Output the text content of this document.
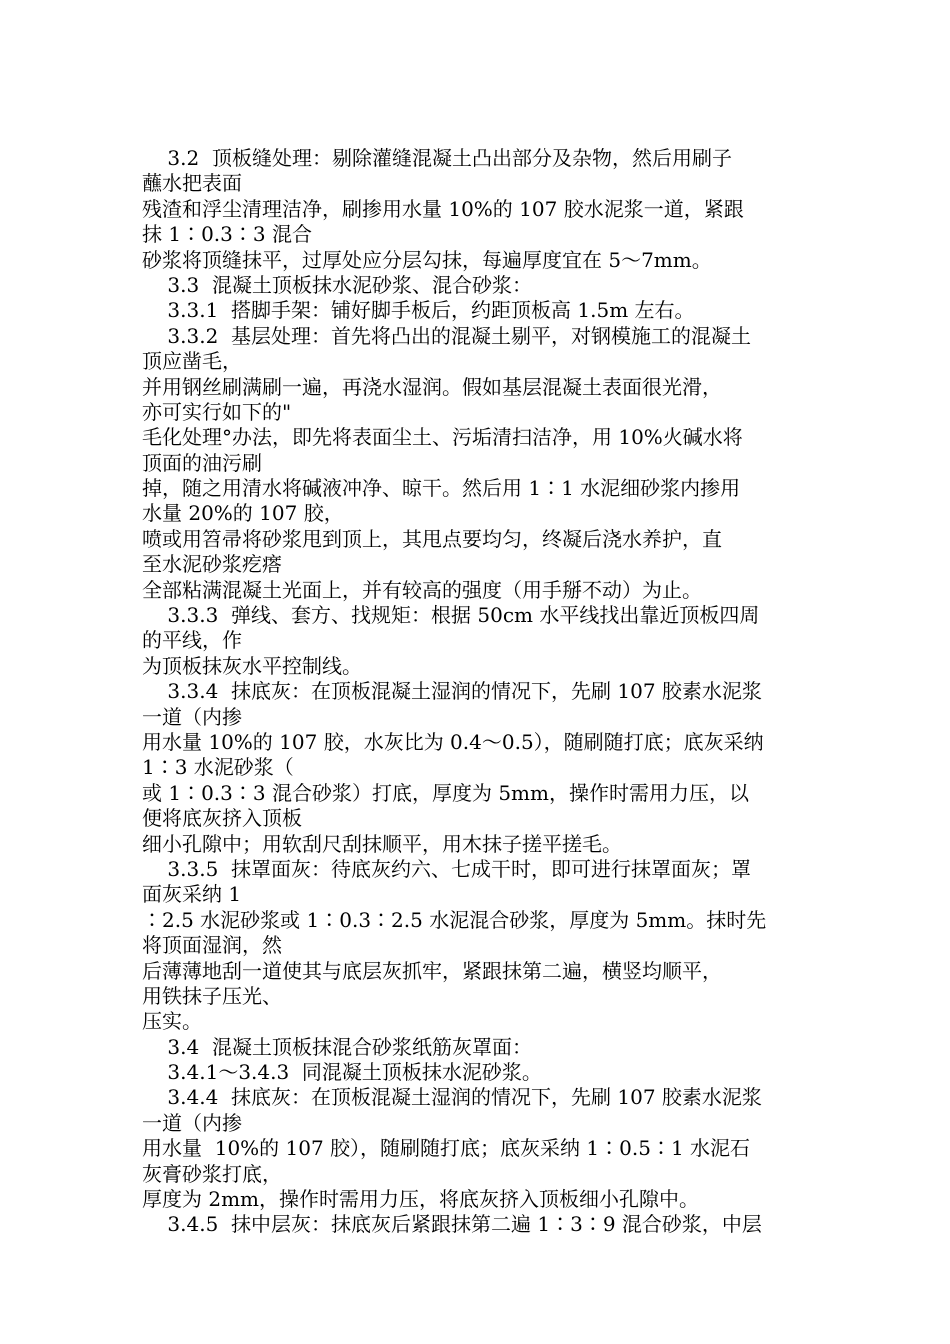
3.2  顶板缝处理：剔除灌缝混凝土凸出部分及杂物，然后用刷子
蘸水把表面
残渣和浮尘清理洁净，刷掺用水量 10%的 107 胶水泥浆一道，紧跟
抹 1∶0.3∶3 混合
砂浆将顶缝抹平，过厚处应分层勾抹，每遍厚度宜在 5～7mm。
3.3  混凝土顶板抹水泥砂浆、混合砂浆：
3.3.1  搭脚手架：铺好脚手板后，约距顶板高 1.5m 左右。
3.3.2  基层处理：首先将凸出的混凝土剔平，对钢模施工的混凝土
顶应凿毛，
并用钢丝刷满刷一遍，再浇水湿润。假如基层混凝土表面很光滑，
亦可实行如下的"
毛化处理°办法，即先将表面尘土、污垢清扫洁净，用 10%火碱水将
顶面的油污刷
掉，随之用清水将碱液冲净、晾干。然后用 1∶1 水泥细砂浆内掺用
水量 20%的 107 胶，
喷或用笤帚将砂浆甩到顶上，其甩点要均匀，终凝后浇水养护，直
至水泥砂浆疙瘩
全部粘满混凝土光面上，并有较高的强度（用手掰不动）为止。
3.3.3  弹线、套方、找规矩：根据 50cm 水平线找出靠近顶板四周
的平线，作
为顶板抹灰水平控制线。
3.3.4  抹底灰：在顶板混凝土湿润的情况下，先刷 107 胶素水泥浆
一道（内掺
用水量 10%的 107 胶，水灰比为 0.4～0.5），随刷随打底；底灰采纳
1∶3 水泥砂浆（
或 1∶0.3∶3 混合砂浆）打底，厚度为 5mm，操作时需用力压，以
便将底灰挤入顶板
细小孔隙中；用软刮尺刮抹顺平，用木抹子搓平搓毛。
3.3.5  抹罩面灰：待底灰约六、七成干时，即可进行抹罩面灰；罩
面灰采纳 1
∶2.5 水泥砂浆或 1∶0.3∶2.5 水泥混合砂浆，厚度为 5mm。抹时先
将顶面湿润，然
后薄薄地刮一道使其与底层灰抓牢，紧跟抹第二遍，横竖均顺平，
用铁抹子压光、
压实。
3.4  混凝土顶板抹混合砂浆纸筋灰罩面：
3.4.1～3.4.3  同混凝土顶板抹水泥砂浆。
3.4.4  抹底灰：在顶板混凝土湿润的情况下，先刷 107 胶素水泥浆
一道（内掺
用水量  10%的 107 胶），随刷随打底；底灰采纳 1∶0.5∶1 水泥石
灰膏砂浆打底，
厚度为 2mm，操作时需用力压，将底灰挤入顶板细小孔隙中。
3.4.5  抹中层灰：抹底灰后紧跟抹第二遍 1∶3∶9 混合砂浆，中层
